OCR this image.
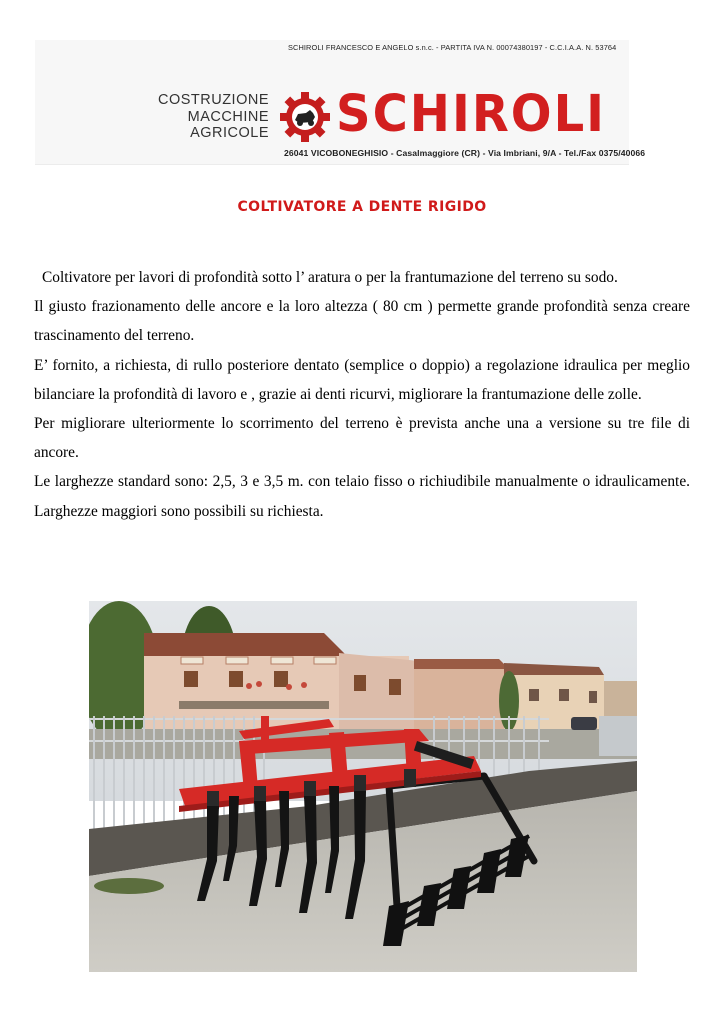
SCHIROLI FRANCESCO E ANGELO s.n.c. - PARTITA IVA N. 00074380197 - C.C.I.A.A. N. 53764
COSTRUZIONE
MACCHINE
AGRICOLE SCHIROLI
26041 VICOBONEGHISIO - Casalmaggiore (CR) - Via Imbriani, 9/A - Tel./Fax 0375/40066
COLTIVATORE A DENTE RIGIDO

Coltivatore per lavori di profondità sotto l’ aratura o per la frantumazione del terreno su sodo.

Il giusto frazionamento delle ancore e la loro altezza ( 80 cm ) permette grande profondità senza creare trascinamento del terreno.

E’ fornito, a richiesta, di rullo posteriore dentato (semplice o doppio) a regolazione idraulica per meglio bilanciare la profondità di lavoro e , grazie ai denti ricurvi, migliorare la frantumazione delle zolle.

Per migliorare ulteriormente lo scorrimento del terreno è prevista anche una a versione su tre file di ancore.

Le larghezze standard sono: 2,5, 3 e 3,5 m. con telaio fisso o richiudibile manualmente o idraulicamente. Larghezze maggiori sono possibili su richiesta.
